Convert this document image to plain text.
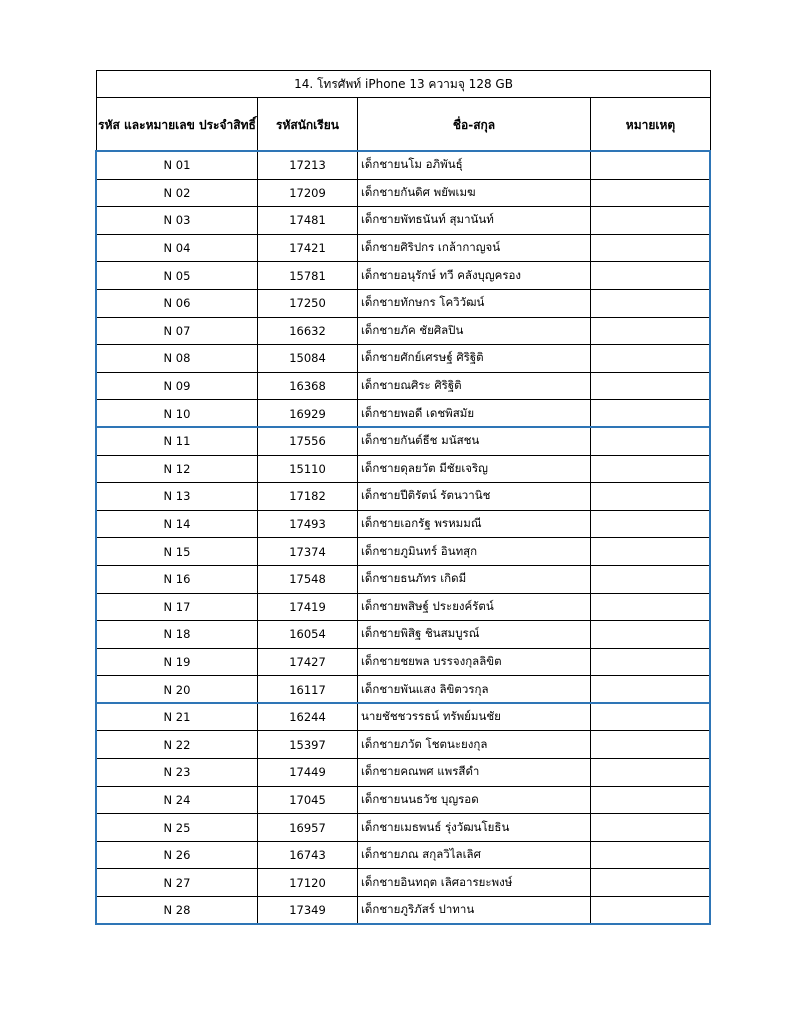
14. โทรศัพท์ iPhone 13 ความจุ 128 GB			
รหัส และหมายเลข ประจำสิทธิ์	รหัสนักเรียน	ชื่อ-สกุล	หมายเหตุ
N 01	17213	เด็กชายนโม อภิพันธุ์	
N 02	17209	เด็กชายกันดิศ พยัพเมฆ	
N 03	17481	เด็กชายพัทธนันท์ สุมานันท์	
N 04	17421	เด็กชายศิริปกร เกล้ากาญจน์	
N 05	15781	เด็กชายอนุรักษ์ ทวี คลังบุญครอง	
N 06	17250	เด็กชายทักษกร โควิวัฒน์	
N 07	16632	เด็กชายภัค ชัยศิลปิน	
N 08	15084	เด็กชายศักย์เศรษฐ์ ศิริฐิติ	
N 09	16368	เด็กชายณศิระ ศิริฐิติ	
N 10	16929	เด็กชายพอดี เดชพิสมัย	
N 11	17556	เด็กชายกันต์ธีช มนัสชน	
N 12	15110	เด็กชายดุลยวัต มีชัยเจริญ	
N 13	17182	เด็กชายปีติรัตน์ รัตนวานิช	
N 14	17493	เด็กชายเอกรัฐ พรหมมณี	
N 15	17374	เด็กชายภูมินทร์ อินทสุก	
N 16	17548	เด็กชายธนภัทร เกิดมี	
N 17	17419	เด็กชายพสิษฐ์ ประยงค์รัตน์	
N 18	16054	เด็กชายพิสิฐ ชินสมบูรณ์	
N 19	17427	เด็กชายชยพล บรรจงกุลลิขิต	
N 20	16117	เด็กชายพันแสง ลิขิตวรกุล	
N 21	16244	นายชัชชวรรธน์ ทรัพย์มนชัย	
N 22	15397	เด็กชายภวัต โชตนะยงกุล	
N 23	17449	เด็กชายคณพศ แพรสีดำ	
N 24	17045	เด็กชายนนธวัช บุญรอด	
N 25	16957	เด็กชายเมธพนธ์ รุ่งวัฒนโยธิน	
N 26	16743	เด็กชายภณ สกุลวิไลเลิศ	
N 27	17120	เด็กชายอินทฤต เลิศอารยะพงษ์	
N 28	17349	เด็กชายภูริภัสร์ ปาทาน	
